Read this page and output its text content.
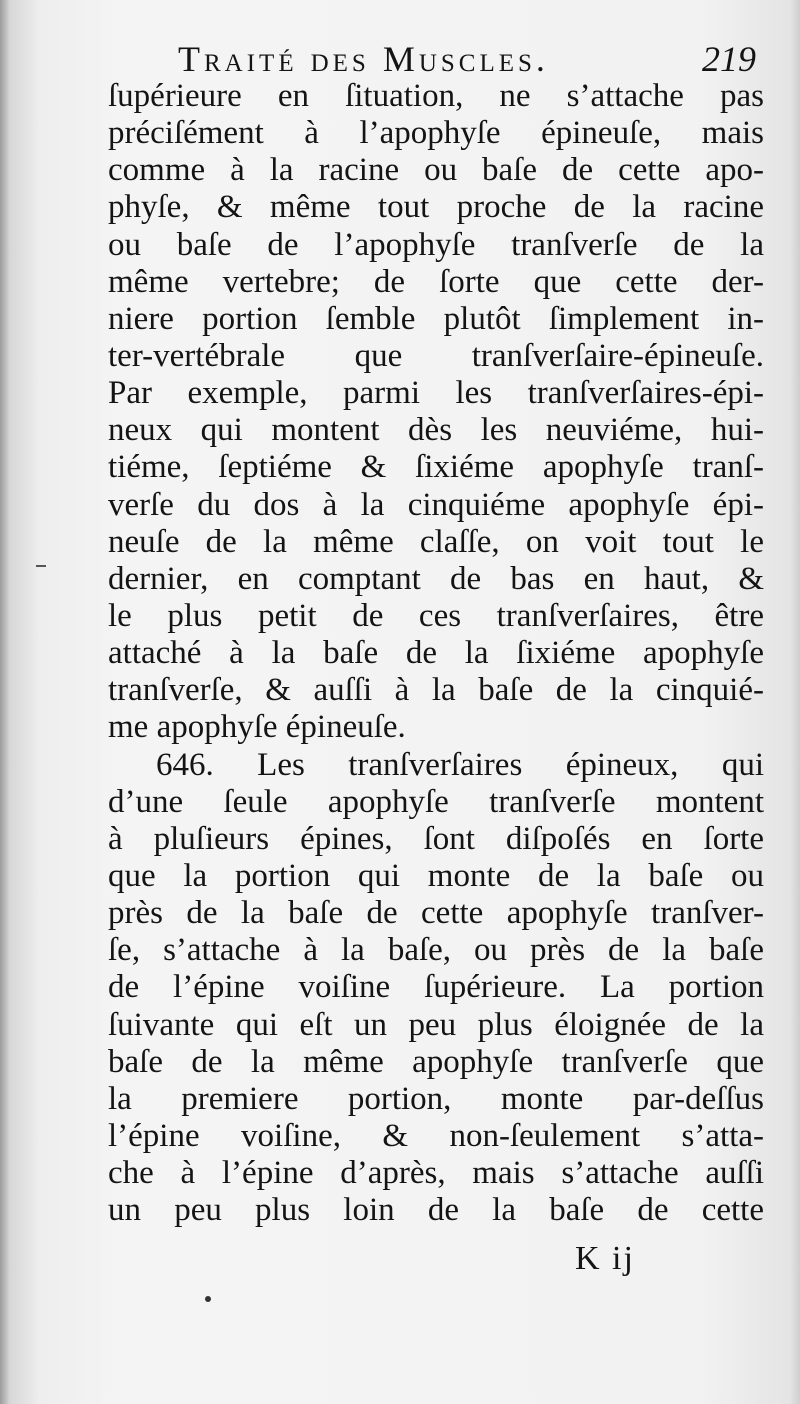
Traité des Muscles.	219
ſupérieure en ſituation, ne s’attache pas
préciſément à l’apophyſe épineuſe, mais
comme à la racine ou baſe de cette apo-
phyſe, & même tout proche de la racine
ou baſe de l’apophyſe tranſverſe de la
même vertebre; de ſorte que cette der-
niere portion ſemble plutôt ſimplement in-
ter-vertébrale que tranſverſaire-épineuſe.
Par exemple, parmi les tranſverſaires-épi-
neux qui montent dès les neuviéme, hui-
tiéme, ſeptiéme & ſixiéme apophyſe tranſ-
verſe du dos à la cinquiéme apophyſe épi-
neuſe de la même claſſe, on voit tout le
dernier, en comptant de bas en haut, &
le plus petit de ces tranſverſaires, être
attaché à la baſe de la ſixiéme apophyſe
tranſverſe, & auſſi à la baſe de la cinquié-
me apophyſe épineuſe.
646. Les tranſverſaires épineux, qui
d’une ſeule apophyſe tranſverſe montent
à pluſieurs épines, ſont diſpoſés en ſorte
que la portion qui monte de la baſe ou
près de la baſe de cette apophyſe tranſver-
ſe, s’attache à la baſe, ou près de la baſe
de l’épine voiſine ſupérieure. La portion
ſuivante qui eſt un peu plus éloignée de la
baſe de la même apophyſe tranſverſe que
la premiere portion, monte par-deſſus
l’épine voiſine, & non-ſeulement s’atta-
che à l’épine d’après, mais s’attache auſſi
un peu plus loin de la baſe de cette
K ij
